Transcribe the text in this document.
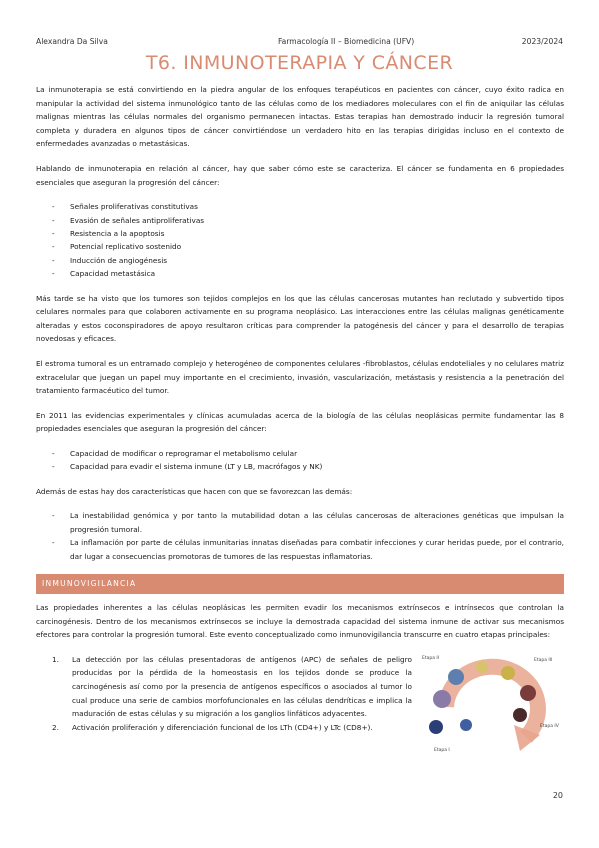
Alexandra Da Silva	Farmacología II – Biomedicina (UFV)	2023/2024
T6. INMUNOTERAPIA Y CÁNCER

La inmunoterapia se está convirtiendo en la piedra angular de los enfoques terapéuticos en pacientes con cáncer, cuyo éxito radica en manipular la actividad del sistema inmunológico tanto de las células como de los mediadores moleculares con el fin de aniquilar las células malignas mientras las células normales del organismo permanecen intactas. Estas terapias han demostrado inducir la regresión tumoral completa y duradera en algunos tipos de cáncer convirtiéndose un verdadero hito en las terapias dirigidas incluso en el contexto de enfermedades avanzadas o metastásicas.

Hablando de inmunoterapia en relación al cáncer, hay que saber cómo este se caracteriza. El cáncer se fundamenta en 6 propiedades esenciales que aseguran la progresión del cáncer:

- Señales proliferativas constitutivas
- Evasión de señales antiproliferativas
- Resistencia a la apoptosis
- Potencial replicativo sostenido
- Inducción de angiogénesis
- Capacidad metastásica

Más tarde se ha visto que los tumores son tejidos complejos en los que las células cancerosas mutantes han reclutado y subvertido tipos celulares normales para que colaboren activamente en su programa neoplásico. Las interacciones entre las células malignas genéticamente alteradas y estos coconspiradores de apoyo resultaron críticas para comprender la patogénesis del cáncer y para el desarrollo de terapias novedosas y eficaces.

El estroma tumoral es un entramado complejo y heterogéneo de componentes celulares -fibroblastos, células endoteliales y no celulares matriz extracelular que juegan un papel muy importante en el crecimiento, invasión, vascularización, metástasis y resistencia a la penetración del tratamiento farmacéutico del tumor.

En 2011 las evidencias experimentales y clínicas acumuladas acerca de la biología de las células neoplásicas permite fundamentar las 8 propiedades esenciales que aseguran la progresión del cáncer:

- Capacidad de modificar o reprogramar el metabolismo celular
- Capacidad para evadir el sistema inmune (LT y LB, macrófagos y NK)

Además de estas hay dos características que hacen con que se favorezcan las demás:

- La inestabilidad genómica y por tanto la mutabilidad dotan a las células cancerosas de alteraciones genéticas que impulsan la progresión tumoral.
- La inflamación por parte de células inmunitarias innatas diseñadas para combatir infecciones y curar heridas puede, por el contrario, dar lugar a consecuencias promotoras de tumores de las respuestas inflamatorias.
INMUNOVIGILANCIA

Las propiedades inherentes a las células neoplásicas les permiten evadir los mecanismos extrínsecos e intrínsecos que controlan la carcinogénesis. Dentro de los mecanismos extrínsecos se incluye la demostrada capacidad del sistema inmune de activar sus mecanismos efectores para controlar la progresión tumoral. Este evento conceptualizado como inmunovigilancia transcurre en cuatro etapas principales:

1. La detección por las células presentadoras de antígenos (APC) de señales de peligro producidas por la pérdida de la homeostasis en los tejidos donde se produce la carcinogénesis así como por la presencia de antígenos específicos o asociados al tumor lo cual produce una serie de cambios morfofuncionales en las células dendríticas e implica la maduración de estas células y su migración a los ganglios linfáticos adyacentes.
2. Activación proliferación y diferenciación funcional de los LTh (CD4+) y LTc (CD8+).
Etapa II	Etapa III
Etapa IV
Etapa I
20
